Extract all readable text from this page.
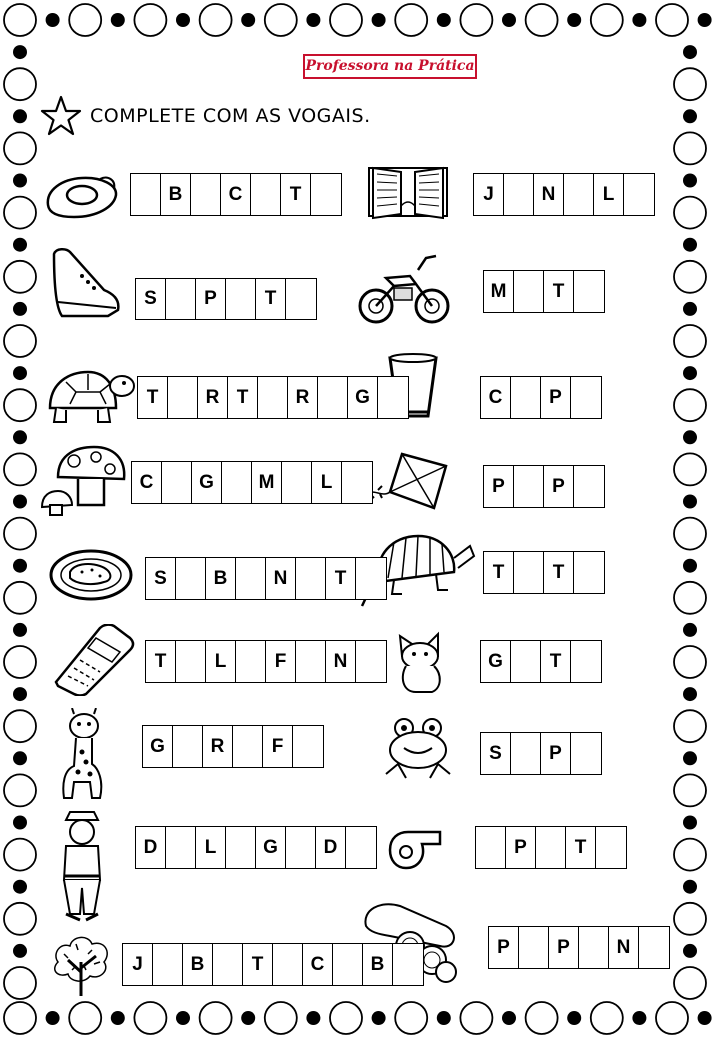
Professora na Prática
COMPLETE COM AS VOGAIS.
B	C	T	J	N	L
S	P	T	M	T
T	R T	R	G	C	P
C	G	M	L	P	P
S	B	N	T	T	T
T	L	F	N	G	T
G	R	F	S	P
D	L	G	D	P	T
J	B	T	C	B
P	P	N
